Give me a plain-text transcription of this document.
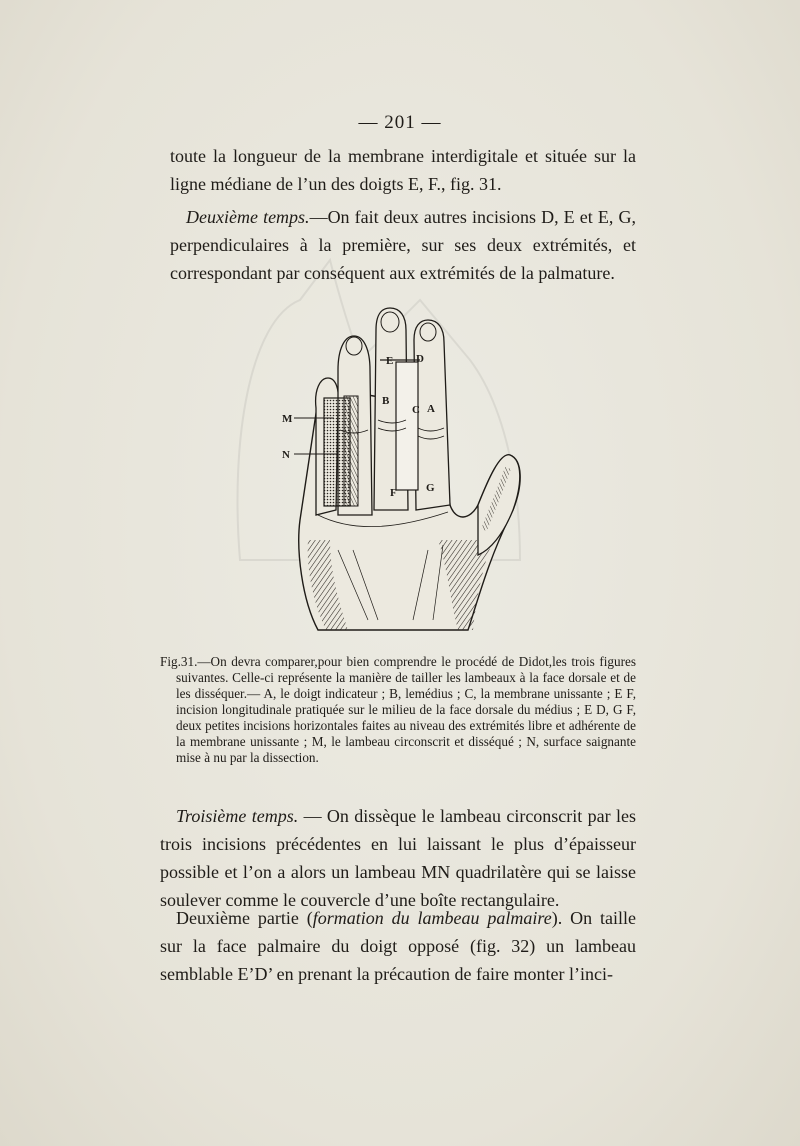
— 201 —
toute la longueur de la membrane interdigitale et située sur la ligne médiane de l’un des doigts E, F., fig. 31.
Deuxième temps.—On fait deux autres incisions D, E et E, G, perpendiculaires à la première, sur ses deux extrémités, et correspondant par conséquent aux extrémités de la palmature.
M
N
E D
B
C A
F	G
Fig.31.—On devra comparer,pour bien comprendre le procédé de Didot,les trois figures suivantes. Celle-ci représente la manière de tailler les lambeaux à la face dorsale et de les disséquer.— A, le doigt indicateur ; B, lemédius ; C, la membrane unissante ; E F, incision longitudinale pratiquée sur le milieu de la face dorsale du médius ; E D, G F, deux petites incisions horizontales faites au niveau des extrémités libre et adhérente de la membrane unissante ; M, le lambeau circonscrit et disséqué ; N, surface saignante mise à nu par la dissection.
Troisième temps. — On dissèque le lambeau circonscrit par les trois incisions précédentes en lui laissant le plus d’épaisseur possible et l’on a alors un lambeau MN quadrilatère qui se laisse soulever comme le couvercle d’une boîte rectangulaire.
Deuxième partie (formation du lambeau palmaire). On taille sur la face palmaire du doigt opposé (fig. 32) un lambeau semblable E’D’ en prenant la précaution de faire monter l’inci-
